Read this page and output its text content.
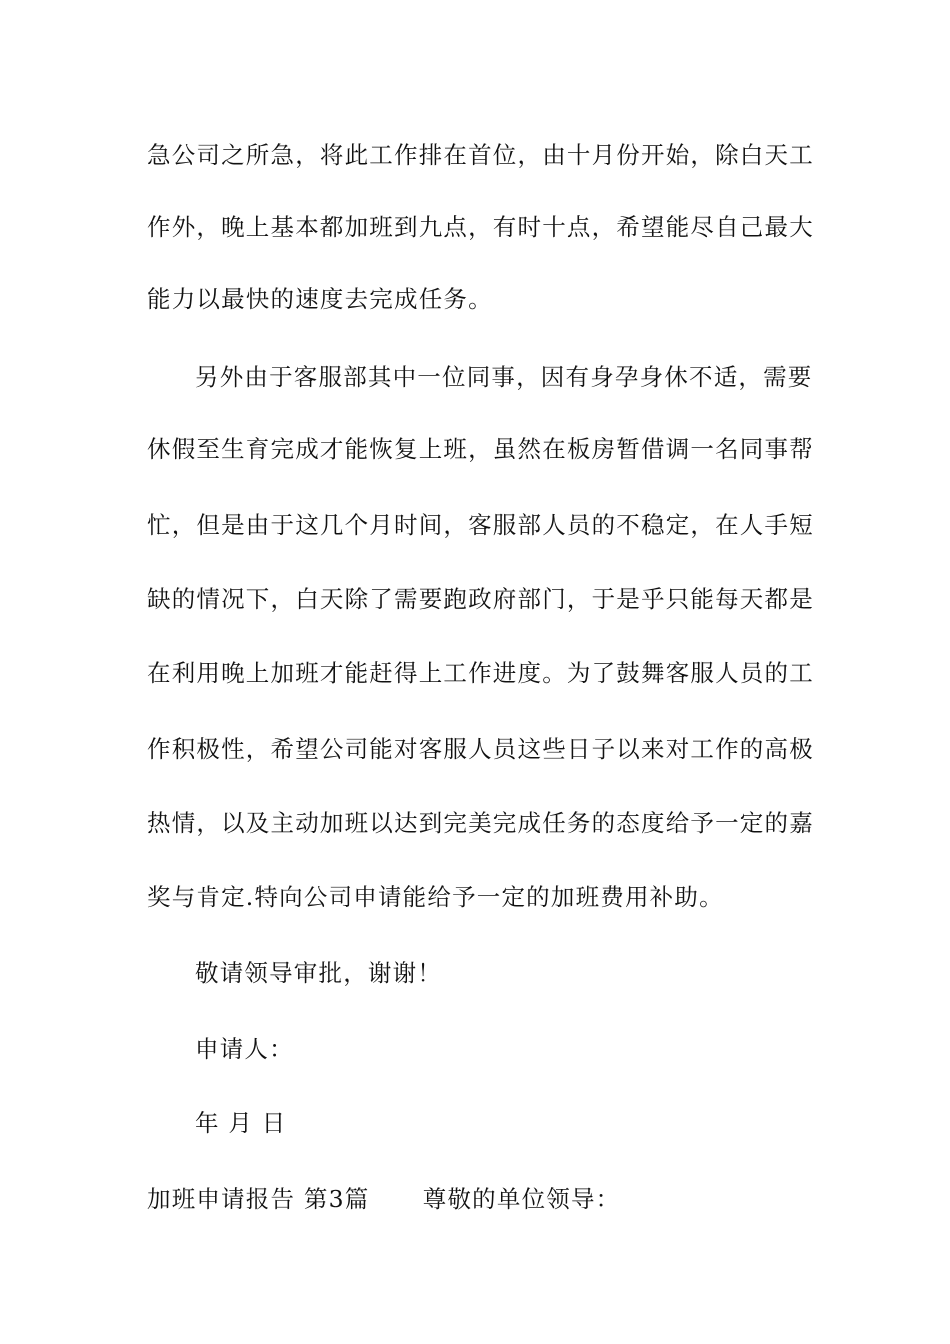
急公司之所急，将此工作排在首位，由十月份开始，除白天工
作外，晚上基本都加班到九点，有时十点，希望能尽自己最大
能力以最快的速度去完成任务。
另外由于客服部其中一位同事，因有身孕身休不适，需要
休假至生育完成才能恢复上班，虽然在板房暂借调一名同事帮
忙，但是由于这几个月时间，客服部人员的不稳定，在人手短
缺的情况下，白天除了需要跑政府部门，于是乎只能每天都是
在利用晚上加班才能赶得上工作进度。为了鼓舞客服人员的工
作积极性，希望公司能对客服人员这些日子以来对工作的高极
热情，以及主动加班以达到完美完成任务的态度给予一定的嘉
奖与肯定.特向公司申请能给予一定的加班费用补助。
敬请领导审批，谢谢！
申请人：
年 月 日
加班申请报告 第3篇 尊敬的单位领导：
